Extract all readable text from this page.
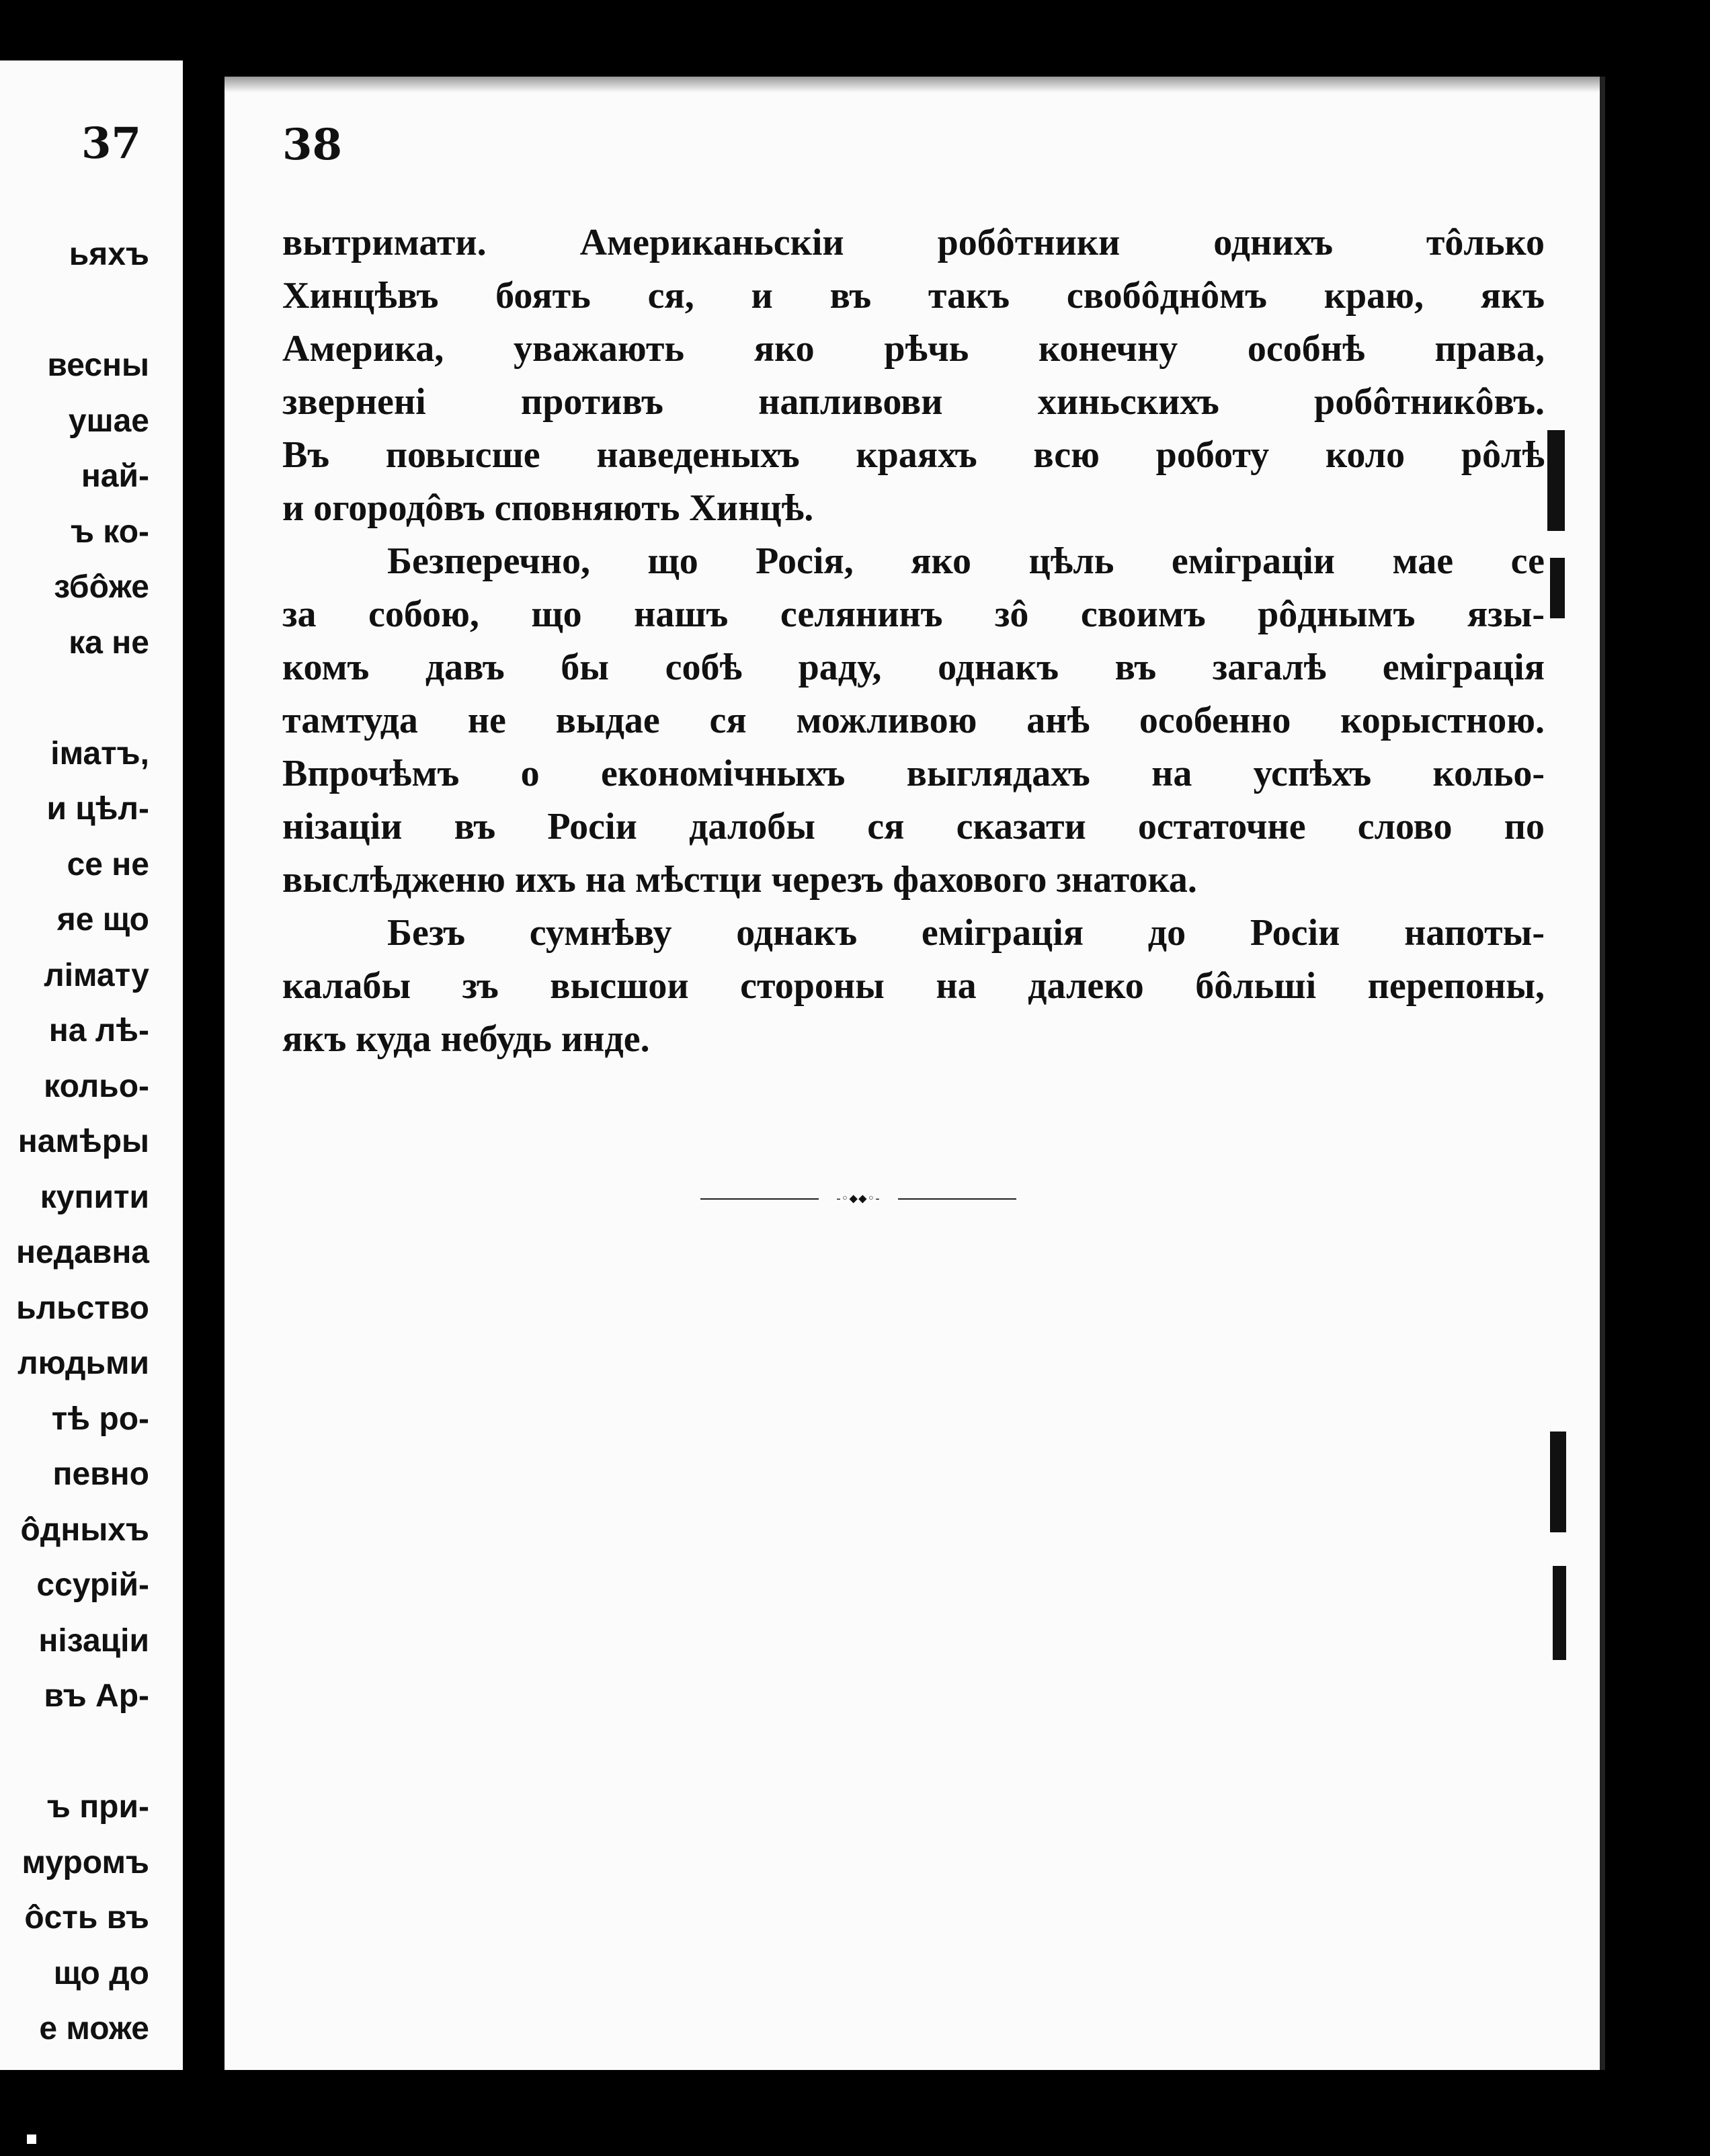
37
ьяхъ
весны
ушае
най-
ъ ко-
збôже
ка не
іматъ,
и цѣл-
се не
яе що
лімату
на лѣ-
кольо-
намѣры
купити
недавна
ьльство
людьми
тѣ ро-
певно
ôдныхъ
ссурій-
нізаціи
въ Ар-
ъ при-
муромъ
ôсть въ
що до
е може
38
вытримати. Американьскіи робôтники однихъ тôлько
Хинцѣвъ боять ся, и въ такъ свобôднôмъ краю, якъ
Америка, уважають яко рѣчь конечну особнѣ права,
звернені противъ напливови хиньскихъ робôтникôвъ.
Въ повысше наведеныхъ краяхъ всю роботу коло рôлѣ
и огородôвъ сповняють Хинцѣ.
Безперечно, що Росія, яко цѣль еміграціи мае се
за собою, що нашъ селянинъ зô своимъ рôднымъ язы-
комъ давъ бы собѣ раду, однакъ въ загалѣ еміграція
тамтуда не выдае ся можливою анѣ особенно корыстною.
Впрочѣмъ о економічныхъ выглядахъ на успѣхъ кольо-
нізаціи въ Росіи далобы ся сказати остаточне слово по
выслѣдженю ихъ на мѣстци черезъ фахового знатока.
Безъ сумнѣву однакъ еміграція до Росіи напоты-
калабы зъ высшои стороны на далеко бôльші перепоны,
якъ куда небудь инде.
-◦⬥⬥◦-
